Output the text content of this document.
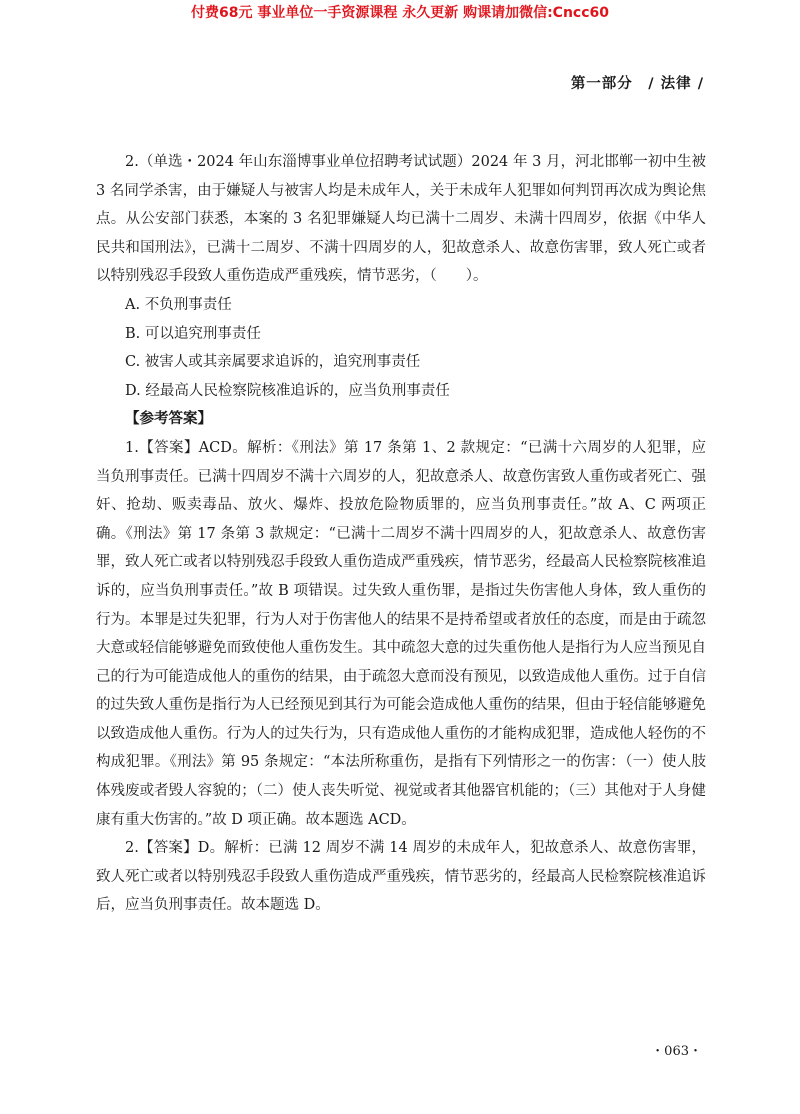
付费68元 事业单位一手资源课程 永久更新 购课请加微信:Cncc60
第一部分　/ 法律 /

2.（单选・2024 年山东淄博事业单位招聘考试试题）2024 年 3 月，河北邯郸一初中生被 3 名同学杀害，由于嫌疑人与被害人均是未成年人，关于未成年人犯罪如何判罚再次成为舆论焦点。从公安部门获悉，本案的 3 名犯罪嫌疑人均已满十二周岁、未满十四周岁，依据《中华人民共和国刑法》，已满十二周岁、不满十四周岁的人，犯故意杀人、故意伤害罪，致人死亡或者以特别残忍手段致人重伤造成严重残疾，情节恶劣，（　　）。

A. 不负刑事责任

B. 可以追究刑事责任

C. 被害人或其亲属要求追诉的，追究刑事责任

D. 经最高人民检察院核准追诉的，应当负刑事责任

【参考答案】

1.【答案】ACD。解析：《刑法》第 17 条第 1、2 款规定：“已满十六周岁的人犯罪，应当负刑事责任。已满十四周岁不满十六周岁的人，犯故意杀人、故意伤害致人重伤或者死亡、强奸、抢劫、贩卖毒品、放火、爆炸、投放危险物质罪的，应当负刑事责任。”故 A、C 两项正确。《刑法》第 17 条第 3 款规定：“已满十二周岁不满十四周岁的人，犯故意杀人、故意伤害罪，致人死亡或者以特别残忍手段致人重伤造成严重残疾，情节恶劣，经最高人民检察院核准追诉的，应当负刑事责任。”故 B 项错误。过失致人重伤罪，是指过失伤害他人身体，致人重伤的行为。本罪是过失犯罪，行为人对于伤害他人的结果不是持希望或者放任的态度，而是由于疏忽大意或轻信能够避免而致使他人重伤发生。其中疏忽大意的过失重伤他人是指行为人应当预见自己的行为可能造成他人的重伤的结果，由于疏忽大意而没有预见，以致造成他人重伤。过于自信的过失致人重伤是指行为人已经预见到其行为可能会造成他人重伤的结果，但由于轻信能够避免以致造成他人重伤。行为人的过失行为，只有造成他人重伤的才能构成犯罪，造成他人轻伤的不构成犯罪。《刑法》第 95 条规定：“本法所称重伤，是指有下列情形之一的伤害：（一）使人肢体残废或者毁人容貌的；（二）使人丧失听觉、视觉或者其他器官机能的；（三）其他对于人身健康有重大伤害的。”故 D 项正确。故本题选 ACD。

2.【答案】D。解析：已满 12 周岁不满 14 周岁的未成年人，犯故意杀人、故意伤害罪，致人死亡或者以特别残忍手段致人重伤造成严重残疾，情节恶劣的，经最高人民检察院核准追诉后，应当负刑事责任。故本题选 D。

・063・
